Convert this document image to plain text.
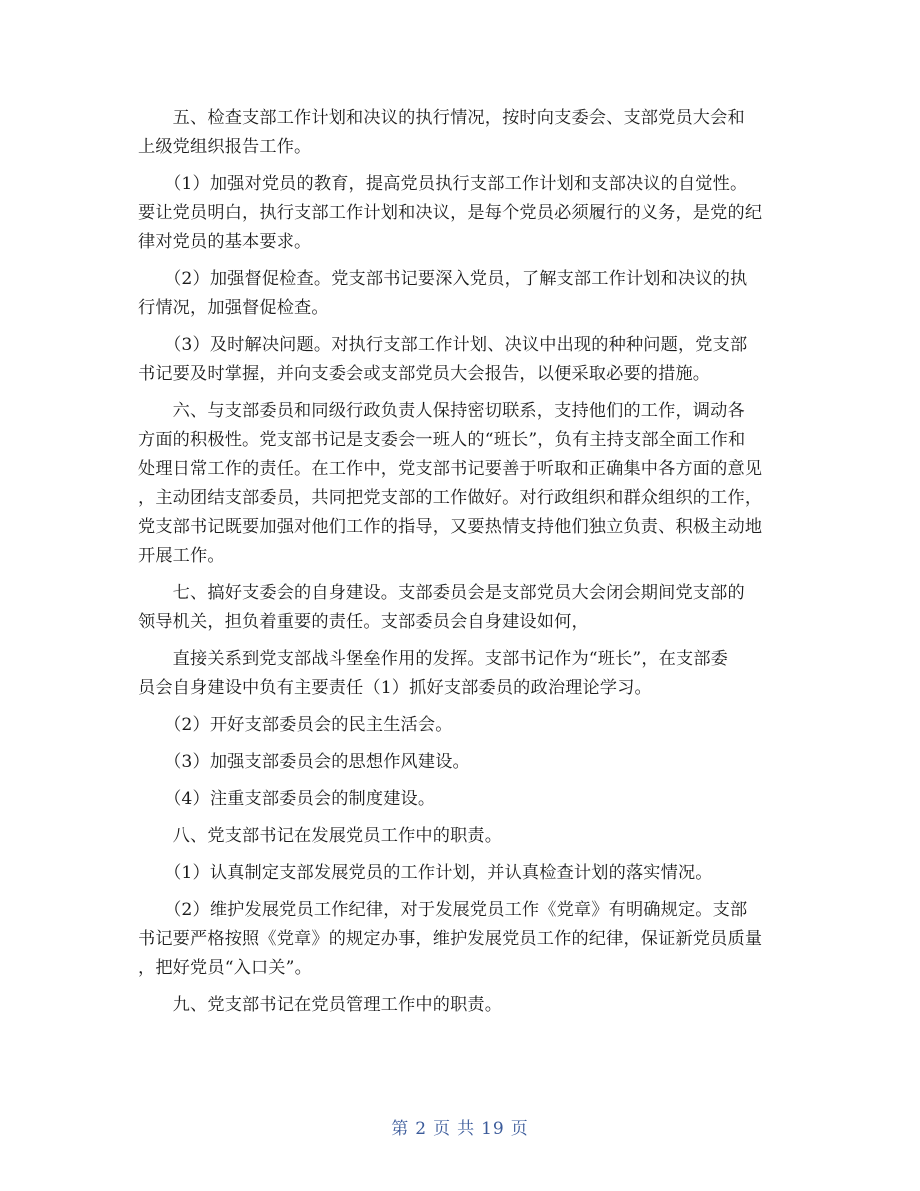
　　五、检查支部工作计划和决议的执行情况，按时向支委会、支部党员大会和
上级党组织报告工作。
　　（1）加强对党员的教育，提高党员执行支部工作计划和支部决议的自觉性。
要让党员明白，执行支部工作计划和决议，是每个党员必须履行的义务，是党的纪
律对党员的基本要求。
　　（2）加强督促检查。党支部书记要深入党员，了解支部工作计划和决议的执
行情况，加强督促检查。
　　（3）及时解决问题。对执行支部工作计划、决议中出现的种种问题，党支部
书记要及时掌握，并向支委会或支部党员大会报告，以便采取必要的措施。
　　六、与支部委员和同级行政负责人保持密切联系，支持他们的工作，调动各
方面的积极性。党支部书记是支委会一班人的“班长”，负有主持支部全面工作和
处理日常工作的责任。在工作中，党支部书记要善于听取和正确集中各方面的意见
，主动团结支部委员，共同把党支部的工作做好。对行政组织和群众组织的工作，
党支部书记既要加强对他们工作的指导，又要热情支持他们独立负责、积极主动地
开展工作。
　　七、搞好支委会的自身建设。支部委员会是支部党员大会闭会期间党支部的
领导机关，担负着重要的责任。支部委员会自身建设如何，
　　直接关系到党支部战斗堡垒作用的发挥。支部书记作为“班长”，在支部委
员会自身建设中负有主要责任（1）抓好支部委员的政治理论学习。
　　（2）开好支部委员会的民主生活会。
　　（3）加强支部委员会的思想作风建设。
　　（4）注重支部委员会的制度建设。
　　八、党支部书记在发展党员工作中的职责。
　　（1）认真制定支部发展党员的工作计划，并认真检查计划的落实情况。
　　（2）维护发展党员工作纪律，对于发展党员工作《党章》有明确规定。支部
书记要严格按照《党章》的规定办事，维护发展党员工作的纪律，保证新党员质量
，把好党员“入口关”。
　　九、党支部书记在党员管理工作中的职责。
第 2 页 共 19 页
